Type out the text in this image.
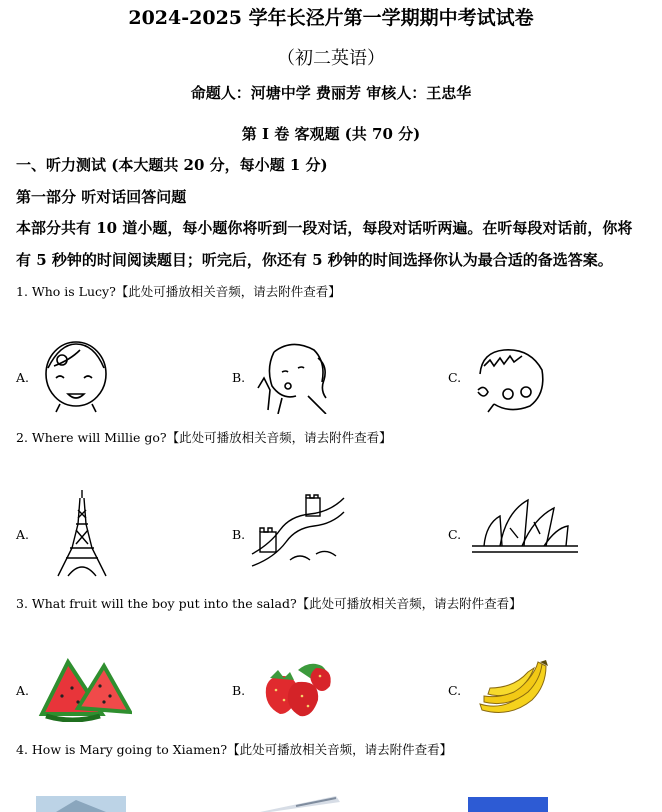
2024-2025 学年长泾片第一学期期中考试试卷
（初二英语）
命题人：河塘中学 费丽芳 审核人：王忠华
第 I 卷 客观题 (共 70 分)
一、听力测试 (本大题共 20 分，每小题 1 分)
第一部分 听对话回答问题
本部分共有 10 道小题，每小题你将听到一段对话，每段对话听两遍。在听每段对话前，你将
有 5 秒钟的时间阅读题目；听完后，你还有 5 秒钟的时间选择你认为最合适的备选答案。
1. Who is Lucy?【此处可播放相关音频，请去附件查看】
A.	B.	C.
2. Where will Millie go?【此处可播放相关音频，请去附件查看】
A.	B.	C.
3. What fruit will the boy put into the salad?【此处可播放相关音频，请去附件查看】
A.	B.	C.
4. How is Mary going to Xiamen?【此处可播放相关音频，请去附件查看】
